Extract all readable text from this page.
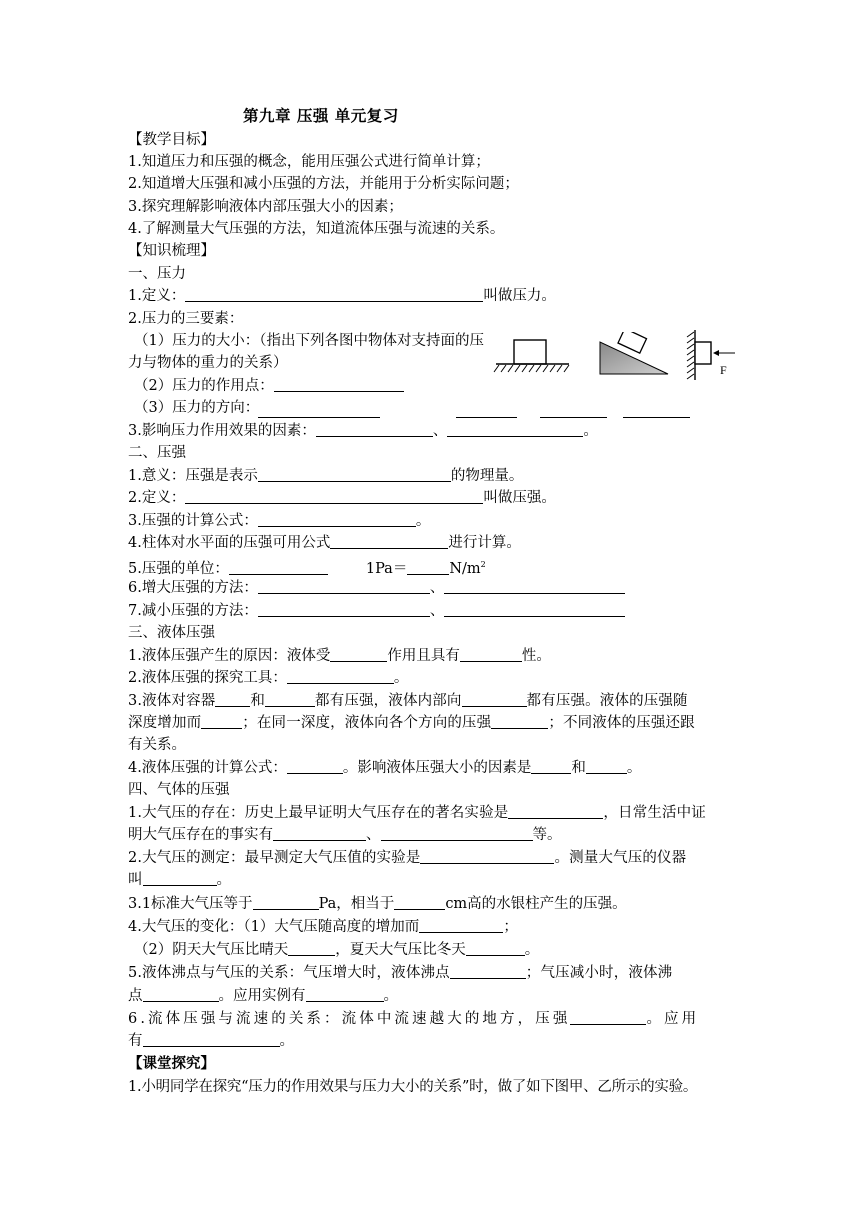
第九章 压强 单元复习
【教学目标】
1.知道压力和压强的概念，能用压强公式进行简单计算；
2.知道增大压强和减小压强的方法，并能用于分析实际问题；
3.探究理解影响液体内部压强大小的因素；
4.了解测量大气压强的方法，知道流体压强与流速的关系。
【知识梳理】
一、压力
1.定义：	叫做压力。
2.压力的三要素：
（1）压力的大小：（指出下列各图中物体对支持面的压
力与物体的重力的关系）
（2）压力的作用点：
（3）压力的方向：
3.影响压力作用效果的因素：	、	。
F
二、压强
1.意义：压强是表示	的物理量。
2.定义：	叫做压强。
3.压强的计算公式：	。
4.柱体对水平面的压强可用公式	进行计算。
5.压强的单位：	1Pa＝	$N/m^2$
6.增大压强的方法：	、
7.减小压强的方法：	、
三、液体压强
1.液体压强产生的原因：液体受	作用且具有	性。
2.液体压强的探究工具：	。
3.液体对容器 和	都有压强，液体内部向	都有压强。液体的压强随
深度增加而	；在同一深度，液体向各个方向的压强	；不同液体的压强还跟
有关系。
4.液体压强的计算公式：	。影响液体压强大小的因素是	和	。
四、气体的压强
1.大气压的存在：历史上最早证明大气压存在的著名实验是	，日常生活中证
明大气压存在的事实有	、	等。
2.大气压的测定：最早测定大气压值的实验是	。测量大气压的仪器
叫	。
3.1标准大气压等于	Pa，相当于	cm高的水银柱产生的压强。
4.大气压的变化：（1）大气压随高度的增加而	；
（2）阴天大气压比晴天	，夏天大气压比冬天	。
5.液体沸点与气压的关系：气压增大时，液体沸点	；气压减小时，液体沸
点	。应用实例有	。
6.流体压强与流速的关系：流体中流速越大的地方，压强	。应用
有	。
【课堂探究】
1.小明同学在探究“压力的作用效果与压力大小的关系”时，做了如下图甲、乙所示的实验。
